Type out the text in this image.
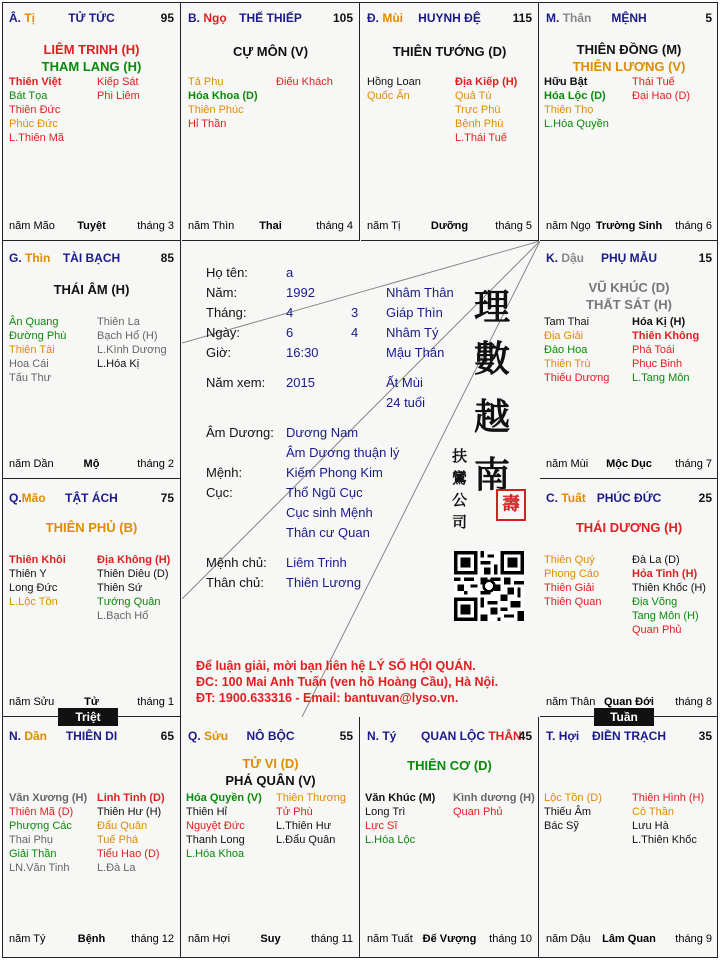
Â. Tị	TỬ TỨC	95
LIÊM TRINH (H)
THAM LANG (H)
Thiên Việt
Bát Tọa
Thiên Đức
Phúc Đức
L.Thiên Mã
Kiếp Sát
Phi Liêm
năm Mão	Tuyệt	tháng 3
B. Ngọ	THẾ THIẾP	105
CỰ MÔN (V)
Tả Phụ
Hóa Khoa (D)
Thiên Phúc
Hỉ Thần
Điếu Khách
năm Thìn	Thai	tháng 4
Đ. Mùi	HUYNH ĐỆ	115
THIÊN TƯỚNG (D)
Hồng Loan
Quốc Ấn
Địa Kiếp (H)
Quả Tú
Trực Phù
Bệnh Phù
L.Thái Tuế
năm Tị	Dưỡng	tháng 5
M. Thân	MỆNH	5
THIÊN ĐỒNG (M)
THIÊN LƯƠNG (V)
Hữu Bật
Hóa Lộc (D)
Thiên Thọ
L.Hóa Quyền
Thái Tuế
Đại Hao (D)
năm Ngọ Trường Sinh	tháng 6
G. Thìn	TÀI BẠCH	85
THÁI ÂM (H)
Ân Quang
Đường Phù
Thiên Tài
Hoa Cái
Tấu Thư
Thiên La
Bạch Hổ (H)
L.Kình Dương
L.Hóa Kị
năm Dần	Mộ	tháng 2
K. Dậu	PHỤ MẪU	15
VŨ KHÚC (D)
THẤT SÁT (H)
Tam Thai
Địa Giải
Đào Hoa
Thiên Trù
Thiếu Dương
Hóa Kị (H)
Thiên Không
Phá Toái
Phục Binh
L.Tang Môn
năm Mùi	Mộc Dục	tháng 7
Q.Mão	TẬT ÁCH	75
THIÊN PHỦ (B)
Thiên Khôi
Thiên Y
Long Đức
L.Lộc Tồn
Địa Không (H)
Thiên Diêu (D)
Thiên Sứ
Tướng Quân
L.Bạch Hổ
năm Sửu	Tử	tháng 1
C. Tuất PHÚC ĐỨC	25
THÁI DƯƠNG (H)
Thiên Quý
Phong Cáo
Thiên Giải
Thiên Quan
Đà La (D)
Hỏa Tinh (H)
Thiên Khốc (H)
Địa Võng
Tang Môn (H)
Quan Phủ
năm Thân Quan Đới	tháng 8
N. Dần	THIÊN DI	65
Văn Xương (H)
Thiên Mã (D)
Phượng Các
Thai Phụ
Giải Thần
LN.Văn Tinh
Linh Tinh (D)
Thiên Hư (H)
Đẩu Quân
Tuế Phá
Tiểu Hao (D)
L.Đà La
năm Tý	Bệnh	tháng 12
Q. Sửu	NÔ BỘC	55
TỬ VI (D)
PHÁ QUÂN (V)
Hóa Quyền (V)
Thiên Hỉ
Nguyệt Đức
Thanh Long
L.Hóa Khoa
Thiên Thương
Tử Phù
L.Thiên Hư
L.Đẩu Quân
năm Hợi	Suy	tháng 11
N. Tý QUAN LỘC THÂN
45
THIÊN CƠ (D)
Văn Khúc (M)
Long Trì
Lực Sĩ
L.Hóa Lộc
Kình dương (H)
Quan Phủ
năm Tuất Đế Vượng	tháng 10
T. Hợi	ĐIỀN TRẠCH	35
Lộc Tồn (D)
Thiếu Âm
Bác Sỹ
Thiên Hình (H)
Cô Thần
Lưu Hà
L.Thiên Khốc
năm Dậu	Lâm Quan	tháng 9
Họ tên:	a
Năm:	1992	Nhâm Thân
Tháng:	4	3 Giáp Thìn
Ngày:	6	4 Nhâm Tý
Giờ:	16:30	Mậu Thân
Năm xem: 2015	Ất Mùi
24 tuổi
Âm Dương: Dương Nam
Âm Dương thuận lý
Mệnh:	Kiếm Phong Kim
Cục:	Thổ Ngũ Cục
Cục sinh Mệnh
Thân cư Quan
Mệnh chủ: Liêm Trinh
Thân chủ: Thiên Lương
理
數
越
南
扶
鸞
公
司
壽
Để luận giải, mời bạn liên hệ LÝ SỐ HỘI QUÁN.
ĐC: 100 Mai Anh Tuấn (ven hồ Hoàng Cầu), Hà Nội.
ĐT: 1900.633316 - Email: bantuvan@lyso.vn.
Triệt	Tuần
